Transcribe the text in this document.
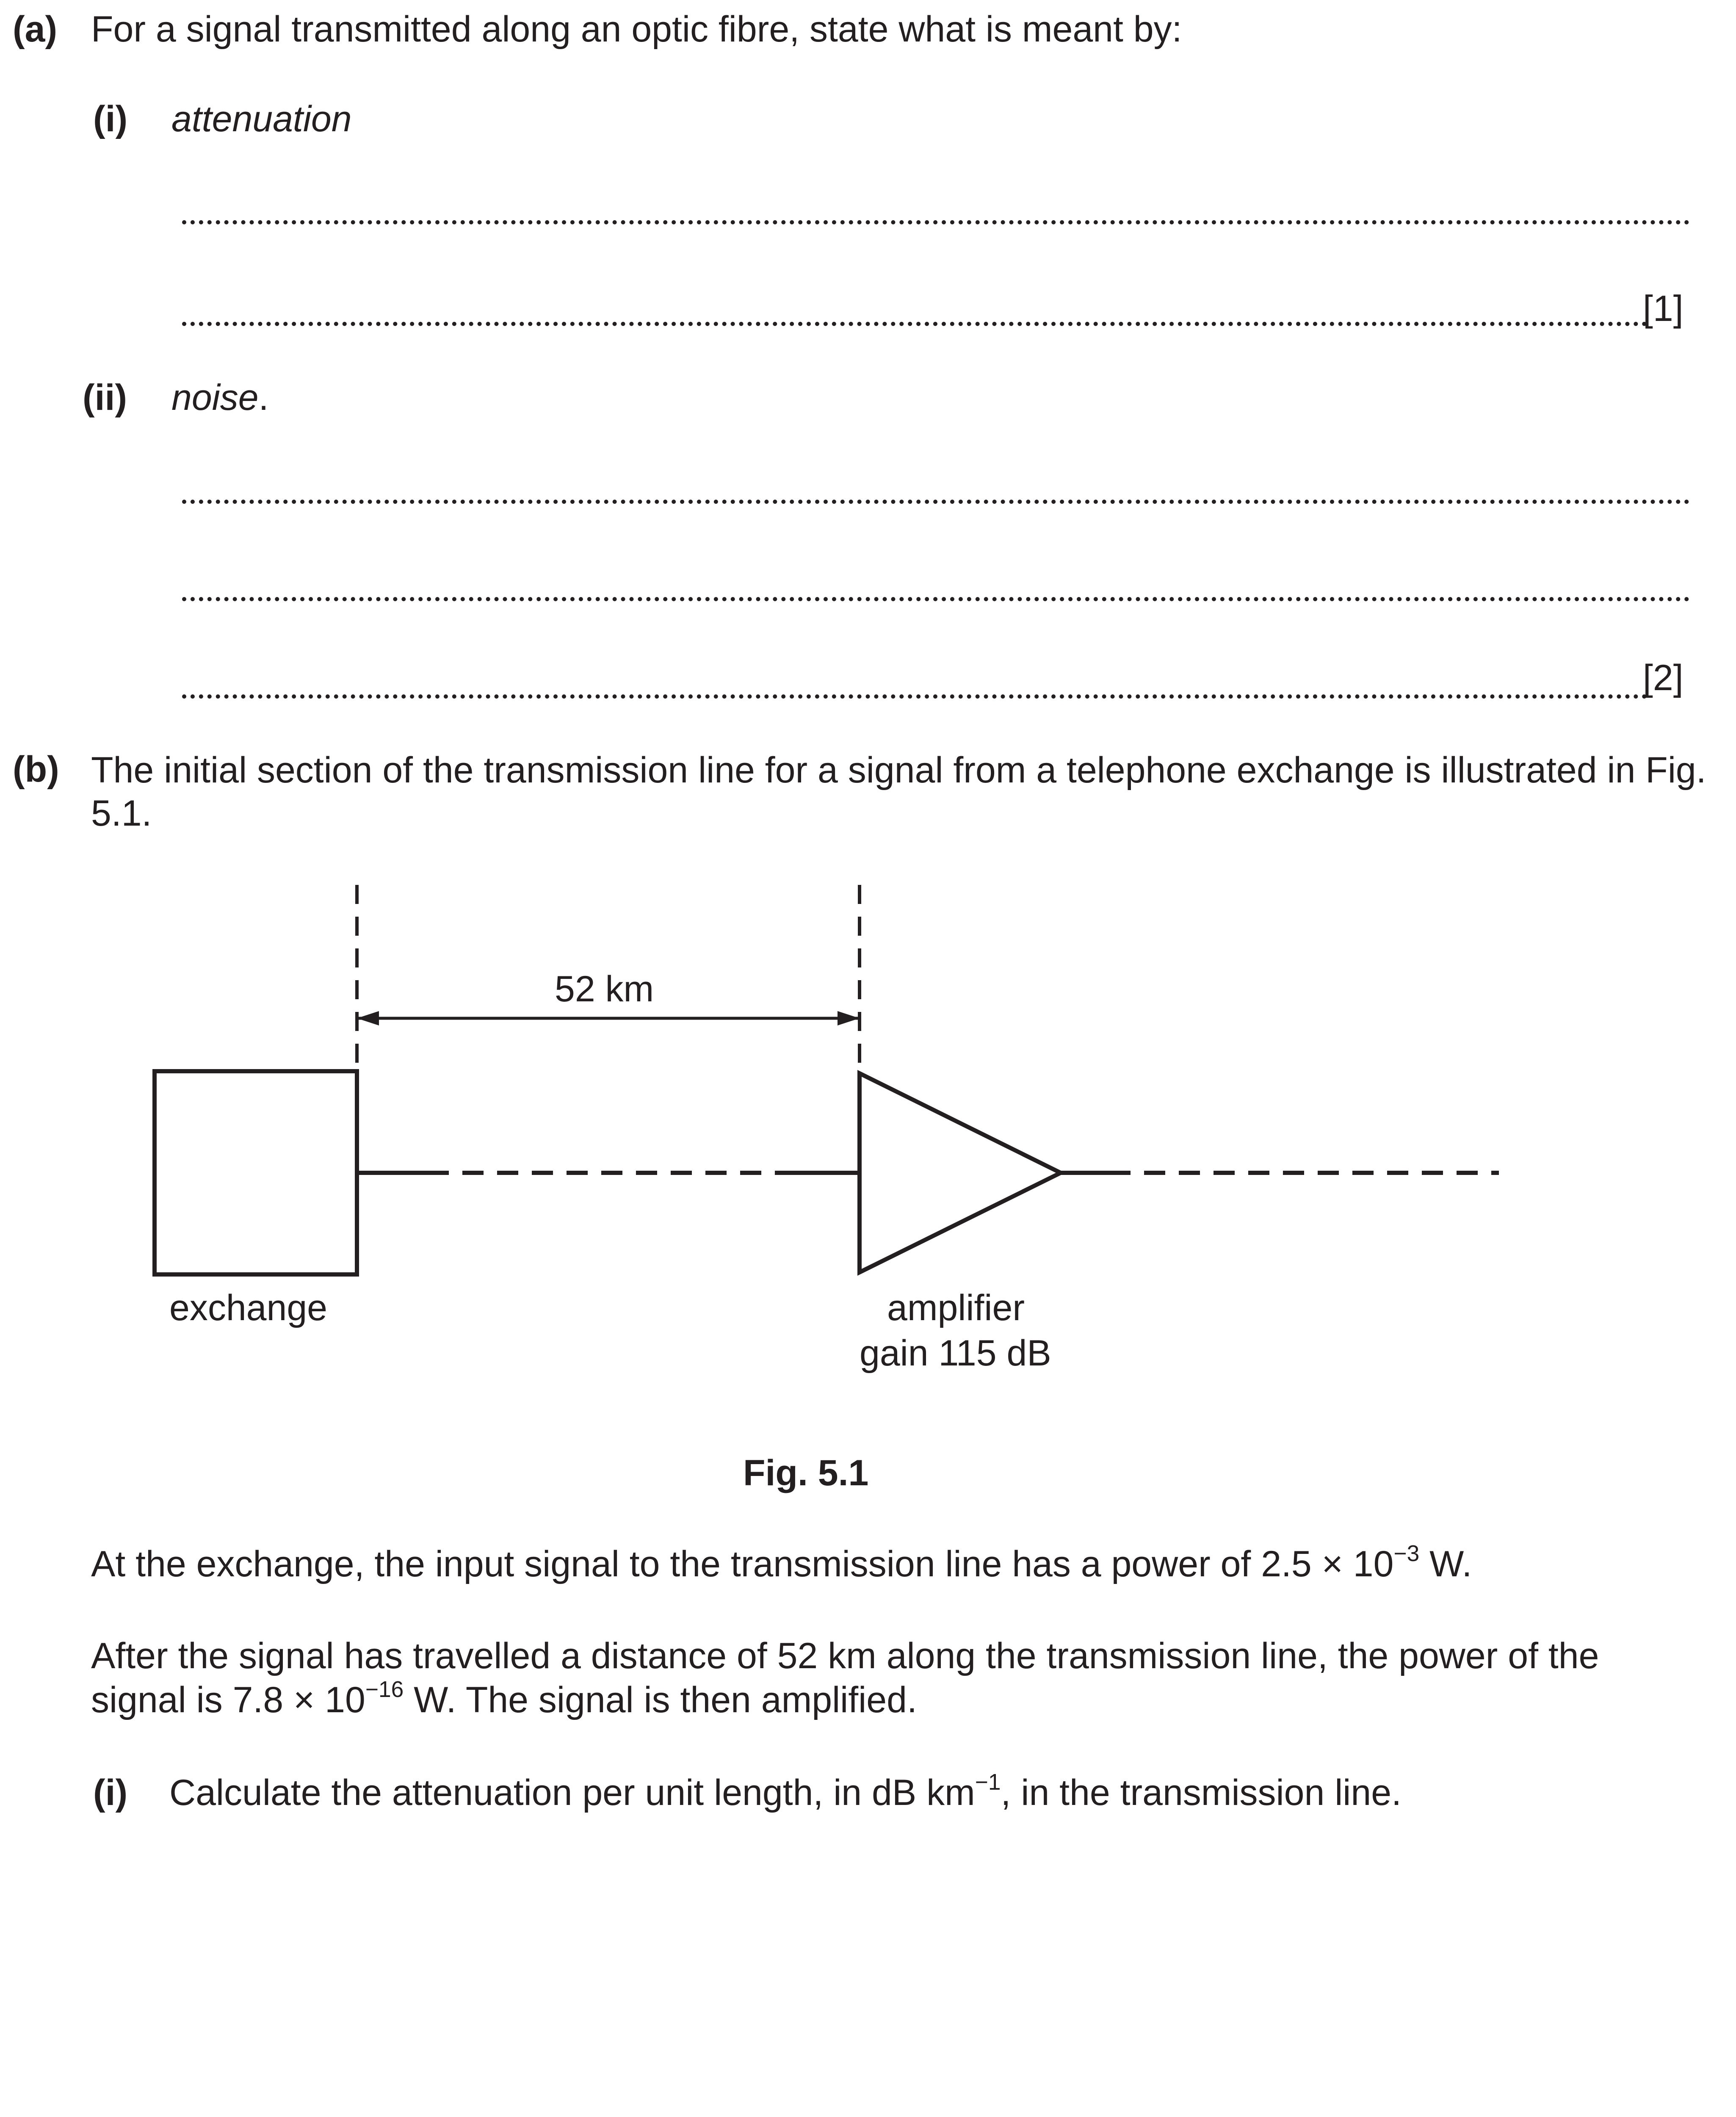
(a) For a signal transmitted along an optic fibre, state what is meant by:
(i) attenuation
[1]
(ii) noise.
[2]
(b) The initial section of the transmission line for a signal from a telephone exchange is illustrated in Fig. 5.1.
52 km
exchange	amplifier
gain 115 dB
Fig. 5.1
At the exchange, the input signal to the transmission line has a power of $2.5 \times 10^{-3}$ W.
After the signal has travelled a distance of 52 km along the transmission line, the power of the
signal is $7.8 \times 10^{-16}$ W. The signal is then amplified.
(i) Calculate the attenuation per unit length, in dB $km^{-1}$, in the transmission line.
